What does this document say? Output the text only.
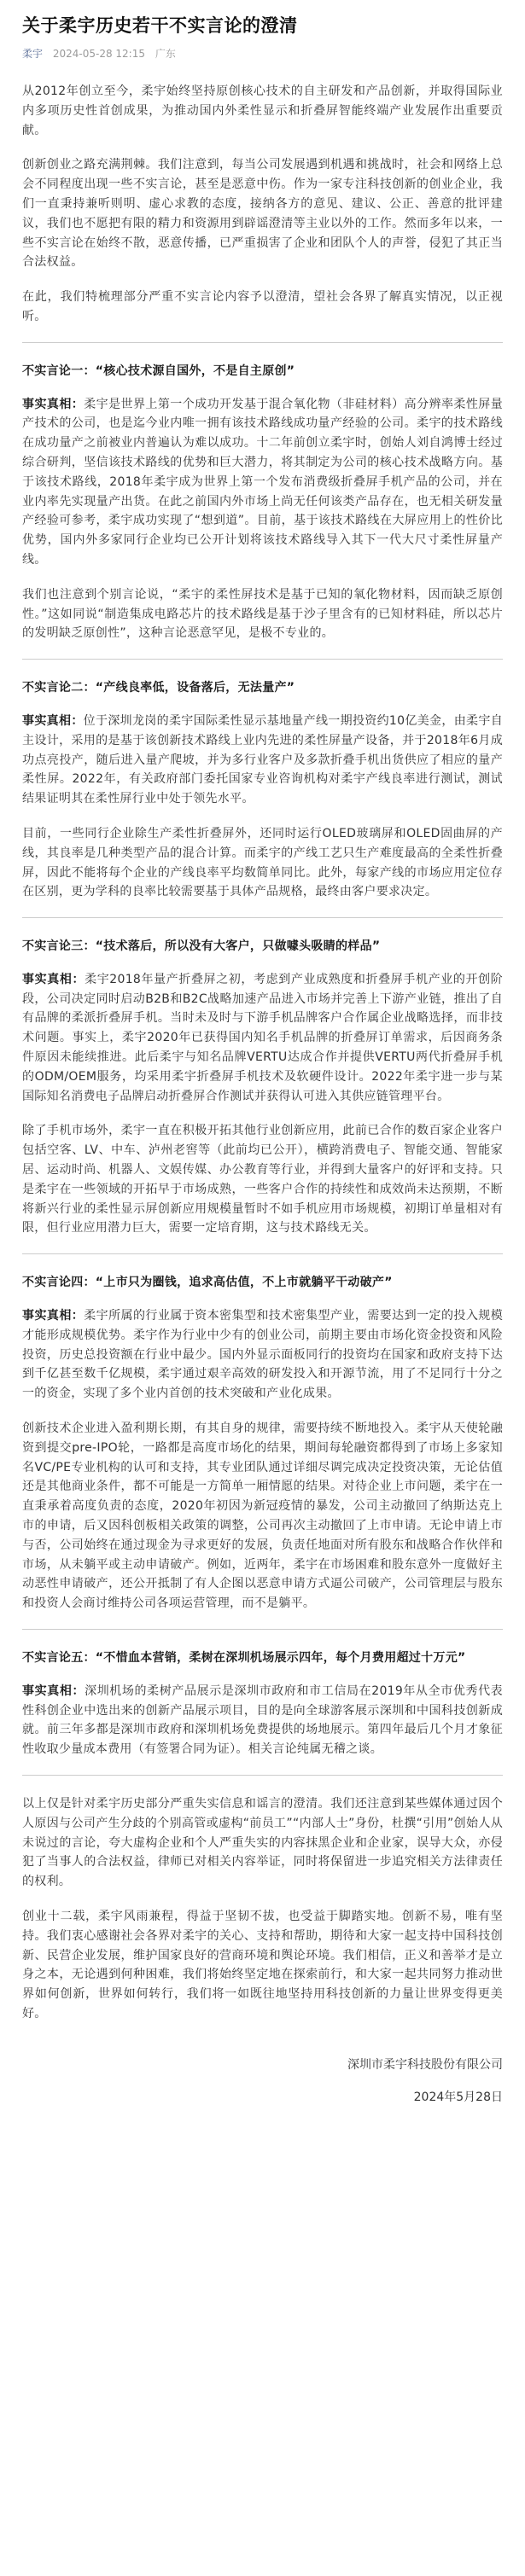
关于柔宇历史若干不实言论的澄清
柔宇 2024-05-28 12:15 广东

从2012年创立至今，柔宇始终坚持原创核心技术的自主研发和产品创新，并取得国际业内多项历史性首创成果，为推动国内外柔性显示和折叠屏智能终端产业发展作出重要贡献。

创新创业之路充满荆棘。我们注意到，每当公司发展遇到机遇和挑战时，社会和网络上总会不同程度出现一些不实言论，甚至是恶意中伤。作为一家专注科技创新的创业企业，我们一直秉持兼听则明、虚心求教的态度，接纳各方的意见、建议、公正、善意的批评建议，我们也不愿把有限的精力和资源用到辟谣澄清等主业以外的工作。然而多年以来，一些不实言论在始终不散，恶意传播，已严重损害了企业和团队个人的声誉，侵犯了其正当合法权益。

在此，我们特梳理部分严重不实言论内容予以澄清，望社会各界了解真实情况，以正视听。

不实言论一：“核心技术源自国外，不是自主原创”

事实真相：柔宇是世界上第一个成功开发基于混合氧化物（非硅材料）高分辨率柔性屏量产技术的公司，也是迄今业内唯一拥有该技术路线成功量产经验的公司。柔宇的技术路线在成功量产之前被业内普遍认为难以成功。十二年前创立柔宇时，创始人刘自鸿博士经过综合研判，坚信该技术路线的优势和巨大潜力，将其制定为公司的核心技术战略方向。基于该技术路线，2018年柔宇成为世界上第一个发布消费级折叠屏手机产品的公司，并在业内率先实现量产出货。在此之前国内外市场上尚无任何该类产品存在，也无相关研发量产经验可参考，柔宇成功实现了“想到道”。目前，基于该技术路线在大屏应用上的性价比优势，国内外多家同行企业均已公开计划将该技术路线导入其下一代大尺寸柔性屏量产线。

我们也注意到个别言论说，“柔宇的柔性屏技术是基于已知的氧化物材料，因而缺乏原创性。”这如同说“制造集成电路芯片的技术路线是基于沙子里含有的已知材料硅，所以芯片的发明缺乏原创性”，这种言论恶意罕见，是极不专业的。

不实言论二：“产线良率低，设备落后，无法量产”

事实真相：位于深圳龙岗的柔宇国际柔性显示基地量产线一期投资约10亿美金，由柔宇自主设计，采用的是基于该创新技术路线上业内先进的柔性屏量产设备，并于2018年6月成功点亮投产，随后进入量产爬坡，并为多行业客户及多款折叠手机出货供应了相应的量产柔性屏。2022年，有关政府部门委托国家专业咨询机构对柔宇产线良率进行测试，测试结果证明其在柔性屏行业中处于领先水平。

目前，一些同行企业除生产柔性折叠屏外，还同时运行OLED玻璃屏和OLED固曲屏的产线，其良率是几种类型产品的混合计算。而柔宇的产线工艺只生产难度最高的全柔性折叠屏，因此不能将每个企业的产线良率平均数简单同比。此外，每家产线的市场应用定位存在区别，更为学科的良率比较需要基于具体产品规格，最终由客户要求决定。

不实言论三：“技术落后，所以没有大客户，只做噱头吸睛的样品”

事实真相：柔宇2018年量产折叠屏之初，考虑到产业成熟度和折叠屏手机产业的开创阶段，公司决定同时启动B2B和B2C战略加速产品进入市场并完善上下游产业链，推出了自有品牌的柔派折叠屏手机。当时未及时与下游手机品牌客户合作属企业战略选择，而非技术问题。事实上，柔宇2020年已获得国内知名手机品牌的折叠屏订单需求，后因商务条件原因未能续推进。此后柔宇与知名品牌VERTU达成合作并提供VERTU两代折叠屏手机的ODM/OEM服务，均采用柔宇折叠屏手机技术及软硬件设计。2022年柔宇进一步与某国际知名消费电子品牌启动折叠屏合作测试并获得认可进入其供应链管理平台。

除了手机市场外，柔宇一直在积极开拓其他行业创新应用，此前已合作的数百家企业客户包括空客、LV、中车、泸州老窖等（此前均已公开），横跨消费电子、智能交通、智能家居、运动时尚、机器人、文娱传媒、办公教育等行业，并得到大量客户的好评和支持。只是柔宇在一些领域的开拓早于市场成熟，一些客户合作的持续性和成效尚未达预期，不断将新兴行业的柔性显示屏创新应用规模量暂时不如手机应用市场规模，初期订单量相对有限，但行业应用潜力巨大，需要一定培育期，这与技术路线无关。

不实言论四：“上市只为圈钱，追求高估值，不上市就躺平干动破产”

事实真相：柔宇所属的行业属于资本密集型和技术密集型产业，需要达到一定的投入规模才能形成规模优势。柔宇作为行业中少有的创业公司，前期主要由市场化资金投资和风险投资，历史总投资额在行业中最少。国内外显示面板同行的投资均在国家和政府支持下达到千亿甚至数千亿规模，柔宇通过艰辛高效的研发投入和开源节流，用了不足同行十分之一的资金，实现了多个业内首创的技术突破和产业化成果。

创新技术企业进入盈利期长期，有其自身的规律，需要持续不断地投入。柔宇从天使轮融资到提交pre-IPO轮，一路都是高度市场化的结果，期间每轮融资都得到了市场上多家知名VC/PE专业机构的认可和支持，其专业团队通过详细尽调完成决定投资决策，无论估值还是其他商业条件，都不可能是一方简单一厢情愿的结果。对待企业上市问题，柔宇在一直秉承着高度负责的态度，2020年初因为新冠疫情的暴发，公司主动撤回了纳斯达克上市的申请，后又因科创板相关政策的调整，公司再次主动撤回了上市申请。无论申请上市与否，公司始终在通过现金为寻求更好的发展，负责任地面对所有股东和战略合作伙伴和市场，从未躺平或主动申请破产。例如，近两年，柔宇在市场困难和股东意外一度做好主动恶性申请破产，还公开抵制了有人企图以恶意申请方式逼公司破产，公司管理层与股东和投资人会商讨维持公司各项运营管理，而不是躺平。

不实言论五：“不惜血本营销，柔树在深圳机场展示四年，每个月费用超过十万元”

事实真相：深圳机场的柔树产品展示是深圳市政府和市工信局在2019年从全市优秀代表性科创企业中选出来的创新产品展示项目，目的是向全球游客展示深圳和中国科技创新成就。前三年多都是深圳市政府和深圳机场免费提供的场地展示。第四年最后几个月才象征性收取少量成本费用（有签署合同为证）。相关言论纯属无稽之谈。

以上仅是针对柔宇历史部分严重失实信息和谣言的澄清。我们还注意到某些媒体通过因个人原因与公司产生分歧的个别高管或虚构“前员工”“内部人士”身份，杜撰“引用”创始人从未说过的言论，夸大虚构企业和个人严重失实的内容抹黑企业和企业家，误导大众，亦侵犯了当事人的合法权益，律师已对相关内容举证，同时将保留进一步追究相关方法律责任的权利。

创业十二载，柔宇风雨兼程，得益于坚韧不拔，也受益于脚踏实地。创新不易，唯有坚持。我们衷心感谢社会各界对柔宇的关心、支持和帮助，期待和大家一起支持中国科技创新、民营企业发展，维护国家良好的营商环境和舆论环境。我们相信，正义和善举才是立身之本，无论遇到何种困难，我们将始终坚定地在探索前行，和大家一起共同努力推动世界如何创新，世界如何转行，我们将一如既往地坚持用科技创新的力量让世界变得更美好。

深圳市柔宇科技股份有限公司
2024年5月28日
